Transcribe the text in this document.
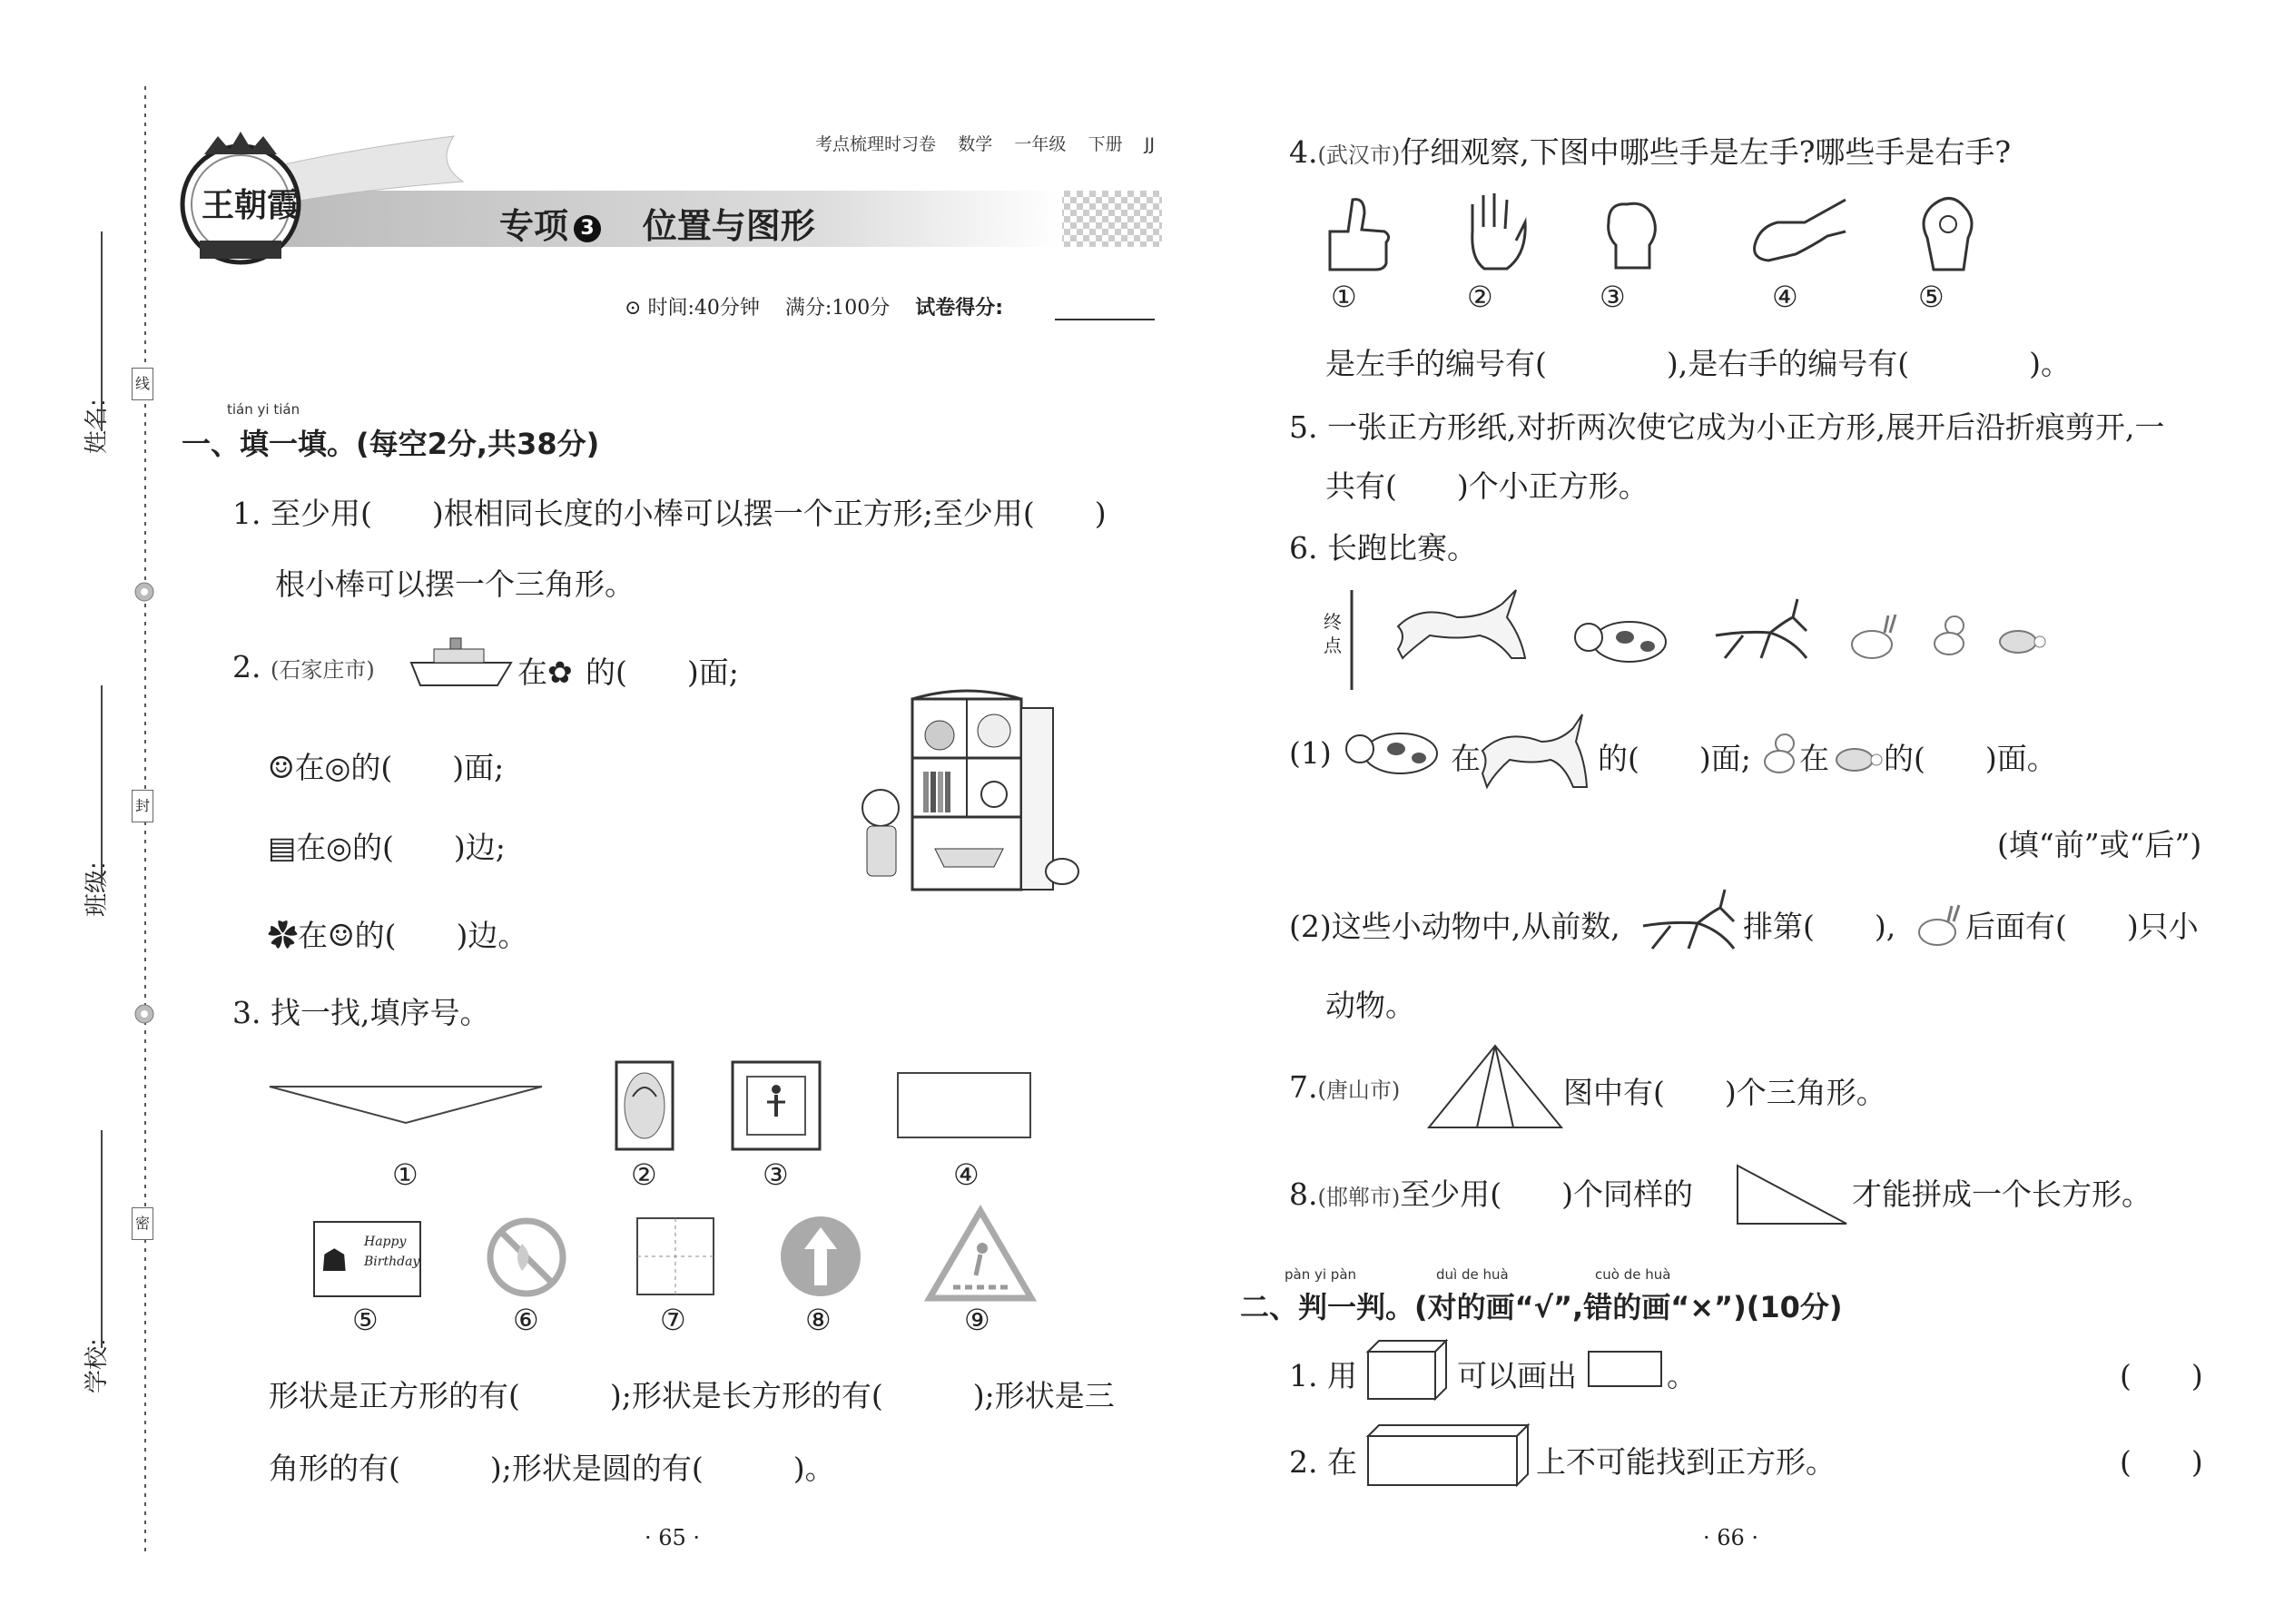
线
封
密
姓名:
班级:
学校:
王朝霞
考点梳理时习卷 数学 一年级 下册 JJ
专项 3 位置与图形
⊙ 时间:40分钟 满分:100分 试卷得分:
tián yi tián
一、填一填。(每空2分,共38分)
1. 至少用(　　)根相同长度的小棒可以摆一个正方形;至少用(　　)
根小棒可以摆一个三角形。
2. (石家庄市)	在✿ 的(　　)面;
☺在◎的(　　)面;
▤在◎的(　　)边;
✿在☺的(　　)边。
3. 找一找,填序号。
①	②	③	④
☗
Happy Birthday
⑤	⑥	⑦	⑧	⑨
形状是正方形的有(　　　);形状是长方形的有(　　　);形状是三
角形的有(　　　);形状是圆的有(　　　)。
· 65 ·
4.(武汉市)仔细观察,下图中哪些手是左手?哪些手是右手?
①	②	③	④	⑤
是左手的编号有(　　　　),是右手的编号有(　　　　)。
5. 一张正方形纸,对折两次使它成为小正方形,展开后沿折痕剪开,一
共有(　　)个小正方形。
6. 长跑比赛。
终
点
(1)	在	的(　　)面; 在 的(　　)面。
(填“前”或“后”)
(2)这些小动物中,从前数,	排第(　　), 后面有(　　)只小
动物。
7.(唐山市)	图中有(　　)个三角形。
8.(邯郸市)至少用(　　)个同样的	才能拼成一个长方形。
pàn yi pàn	duì de huà	cuò de huà
二、判一判。(对的画“√”,错的画“×”)(10分)
1. 用	可以画出	。	(　　)
2. 在	上不可能找到正方形。	(　　)
· 66 ·
